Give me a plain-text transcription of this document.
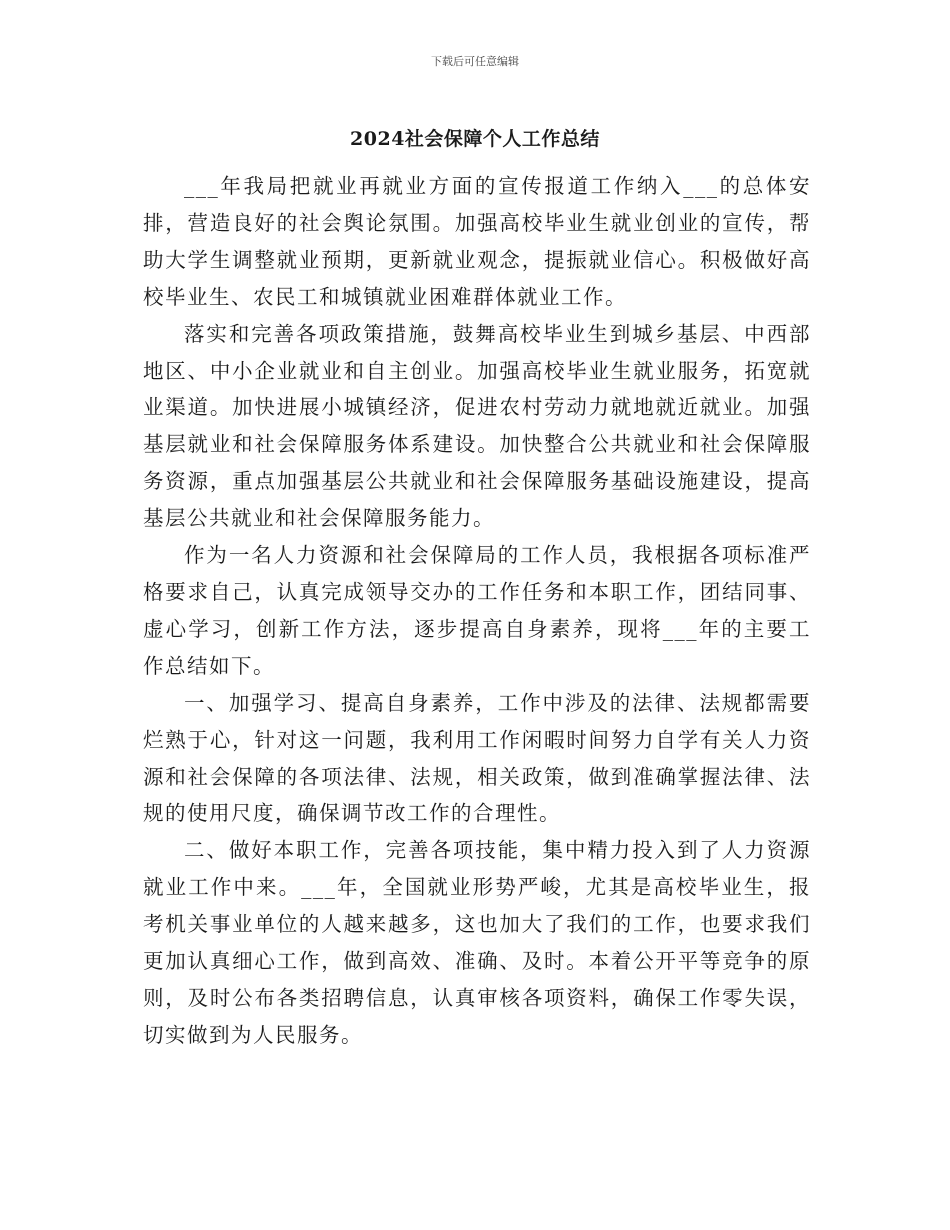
下载后可任意编辑
2024社会保障个人工作总结

___年我局把就业再就业方面的宣传报道工作纳入___的总体安排，营造良好的社会舆论氛围。加强高校毕业生就业创业的宣传，帮助大学生调整就业预期，更新就业观念，提振就业信心。积极做好高校毕业生、农民工和城镇就业困难群体就业工作。

落实和完善各项政策措施，鼓舞高校毕业生到城乡基层、中西部地区、中小企业就业和自主创业。加强高校毕业生就业服务，拓宽就业渠道。加快进展小城镇经济，促进农村劳动力就地就近就业。加强基层就业和社会保障服务体系建设。加快整合公共就业和社会保障服务资源，重点加强基层公共就业和社会保障服务基础设施建设，提高基层公共就业和社会保障服务能力。

作为一名人力资源和社会保障局的工作人员，我根据各项标准严格要求自己，认真完成领导交办的工作任务和本职工作，团结同事、虚心学习，创新工作方法，逐步提高自身素养，现将___年的主要工作总结如下。

一、加强学习、提高自身素养，工作中涉及的法律、法规都需要烂熟于心，针对这一问题，我利用工作闲暇时间努力自学有关人力资源和社会保障的各项法律、法规，相关政策，做到准确掌握法律、法规的使用尺度，确保调节改工作的合理性。

二、做好本职工作，完善各项技能，集中精力投入到了人力资源就业工作中来。___年，全国就业形势严峻，尤其是高校毕业生，报考机关事业单位的人越来越多，这也加大了我们的工作，也要求我们更加认真细心工作，做到高效、准确、及时。本着公开平等竞争的原则，及时公布各类招聘信息，认真审核各项资料，确保工作零失误，切实做到为人民服务。
